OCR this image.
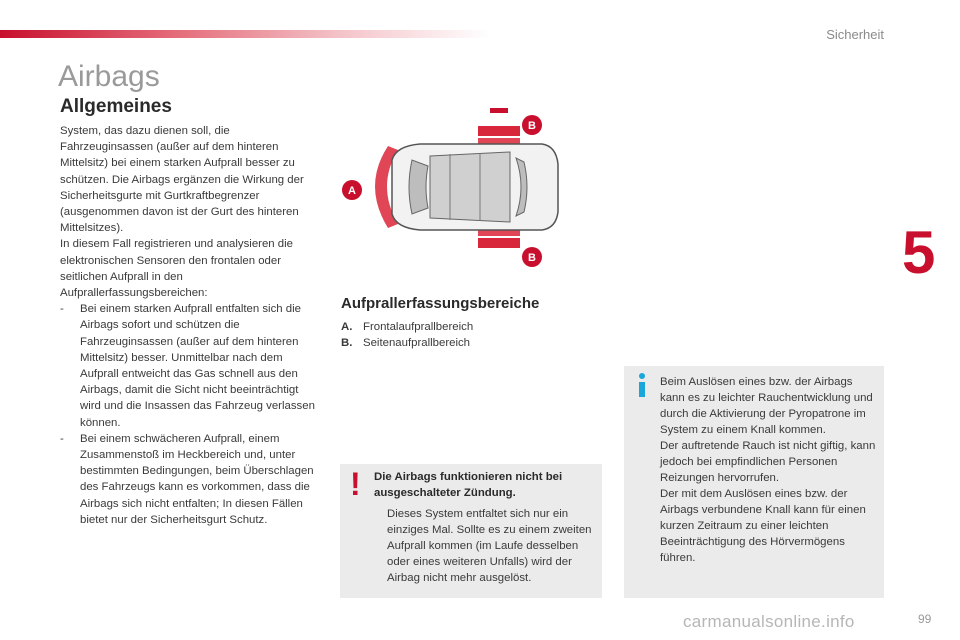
Sicherheit
5
Airbags
Allgemeines

System, das dazu dienen soll, die Fahrzeuginsassen (außer auf dem hinteren Mittelsitz) bei einem starken Aufprall besser zu schützen. Die Airbags ergänzen die Wirkung der Sicherheitsgurte mit Gurtkraftbegrenzer (ausgenommen davon ist der Gurt des hinteren Mittelsitzes).

In diesem Fall registrieren und analysieren die elektronischen Sensoren den frontalen oder seitlichen Aufprall in den Aufprallerfassungsbereichen:

- Bei einem starken Aufprall entfalten sich die Airbags sofort und schützen die Fahrzeuginsassen (außer auf dem hinteren Mittelsitz) besser. Unmittelbar nach dem Aufprall entweicht das Gas schnell aus den Airbags, damit die Sicht nicht beeinträchtigt wird und die Insassen das Fahrzeug verlassen können.

- Bei einem schwächeren Aufprall, einem Zusammenstoß im Heckbereich und, unter bestimmten Bedingungen, beim Überschlagen des Fahrzeugs kann es vorkommen, dass die Airbags sich nicht entfalten; In diesen Fällen bietet nur der Sicherheitsgurt Schutz.

A
B
B
Aufprallerfassungsbereiche
A. Frontalaufprallbereich
B. Seitenaufprallbereich
! Die Airbags funktionieren nicht bei ausgeschalteter Zündung.
Dieses System entfaltet sich nur ein einziges Mal. Sollte es zu einem zweiten Aufprall kommen (im Laufe desselben oder eines weiteren Unfalls) wird der Airbag nicht mehr ausgelöst.
Beim Auslösen eines bzw. der Airbags kann es zu leichter Rauchentwicklung und durch die Aktivierung der Pyropatrone im System zu einem Knall kommen.
Der auftretende Rauch ist nicht giftig, kann jedoch bei empfindlichen Personen Reizungen hervorrufen.
Der mit dem Auslösen eines bzw. der Airbags verbundene Knall kann für einen kurzen Zeitraum zu einer leichten Beeinträchtigung des Hörvermögens führen.
carmanualsonline.info	99
